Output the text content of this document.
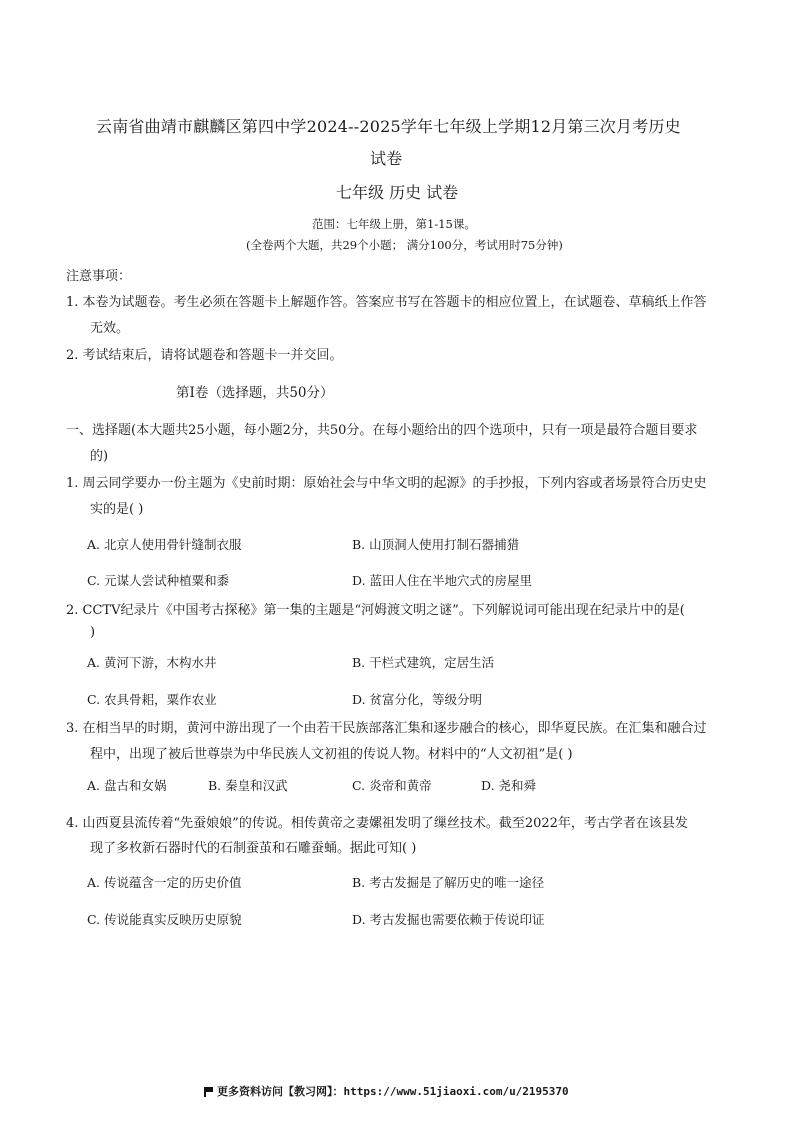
云南省曲靖市麒麟区第四中学2024--2025学年七年级上学期12月第三次月考历史
试卷
七年级 历史 试卷
范围：七年级上册，第1-15课。
(全卷两个大题，共29个小题； 满分100分，考试用时75分钟)
注意事项：
1. 本卷为试题卷。考生必须在答题卡上解题作答。答案应书写在答题卡的相应位置上，在试题卷、草稿纸上作答
无效。
2. 考试结束后，请将试题卷和答题卡一并交回。
第Ⅰ卷（选择题，共50分）
一、选择题(本大题共25小题，每小题2分，共50分。在每小题给出的四个选项中，只有一项是最符合题目要求
的)
1. 周云同学要办一份主题为《史前时期：原始社会与中华文明的起源》的手抄报，下列内容或者场景符合历史史
实的是( )
A. 北京人使用骨针缝制衣服	B. 山顶洞人使用打制石器捕猎
C. 元谋人尝试种植粟和黍	D. 蓝田人住在半地穴式的房屋里
2. CCTV纪录片《中国考古探秘》第一集的主题是“河姆渡文明之谜”。下列解说词可能出现在纪录片中的是(
)
A. 黄河下游，木构水井	B. 干栏式建筑，定居生活
C. 农具骨耜，粟作农业	D. 贫富分化，等级分明
3. 在相当早的时期，黄河中游出现了一个由若干民族部落汇集和逐步融合的核心，即华夏民族。在汇集和融合过
程中，出现了被后世尊崇为中华民族人文初祖的传说人物。材料中的“人文初祖”是( )
A. 盘古和女娲	B. 秦皇和汉武	C. 炎帝和黄帝	D. 尧和舜
4. 山西夏县流传着“先蚕娘娘”的传说。相传黄帝之妻嫘祖发明了缫丝技术。截至2022年，考古学者在该县发
现了多枚新石器时代的石制蚕茧和石雕蚕蛹。据此可知( )
A. 传说蕴含一定的历史价值	B. 考古发掘是了解历史的唯一途径
C. 传说能真实反映历史原貌	D. 考古发掘也需要依赖于传说印证
更多资料访问【教习网】：https://www.51jiaoxi.com/u/2195370
